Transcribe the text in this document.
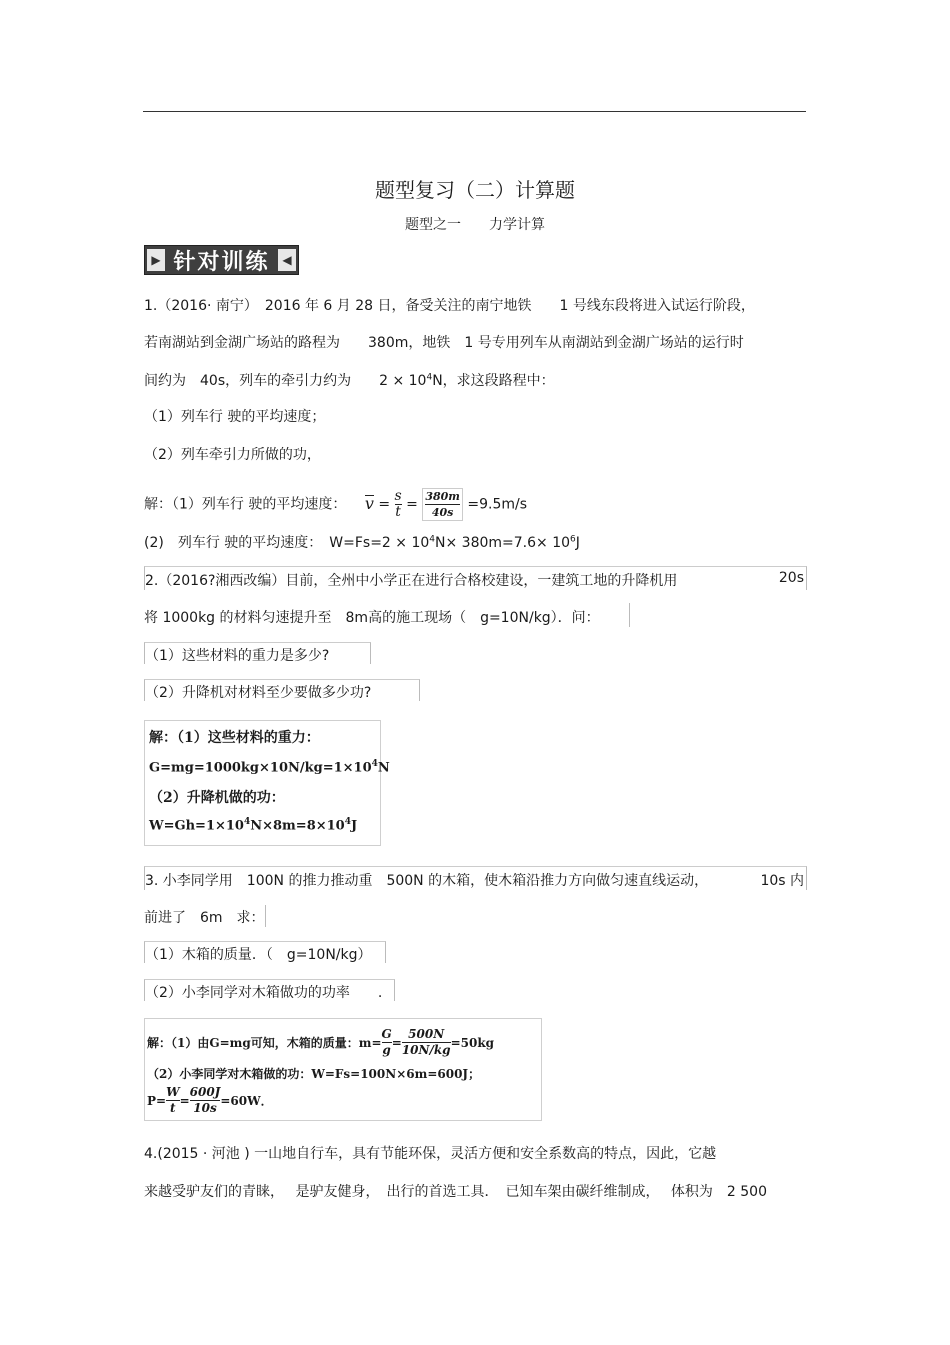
题型复习（二）计算题
题型之一　　力学计算
▶ 针对训练	◀
1.（2016· 南宁）　2016 年 6 月 28 日，备受关注的南宁地铁　　1 号线东段将进入试运行阶段，
若南湖站到金湖广场站的路程为　　380m，地铁　1 号专用列车从南湖站到金湖广场站的运行时
间约为　40s，列车的牵引力约为　　$2 \times 10^4N$，求这段路程中：
（1）列车行 驶的平均速度；
（2）列车牵引力所做的功，
解：（1）列车行 驶的平均速度： $v = \frac{s}{t} = \frac{380m}{40s} =9.5m/s$
(2)　列车行 驶的平均速度：　$W=Fs=2 \times 10^4N\times 380m=7.6\times 10^6J$
2.（2016?湘西改编）目前，全州中小学正在进行合格校建设，一建筑工地的升降机用	20s
将 1000kg 的材料匀速提升至　8m高的施工现场（　g=10N/kg）．问：
（1）这些材料的重力是多少?
（2）升降机对材料至少要做多少功?
解：（1）这些材料的重力：
$G=mg=1000kg\times 10N/kg=1\times 10^4N$
（2）升降机做的功：
$W=Gh=1\times 10^4N\times 8m=8\times 10^4J$
3. 小李同学用　100N 的推力推动重　500N 的木箱，使木箱沿推力方向做匀速直线运动，	10s 内
前进了　6m　求：
（1）木箱的质量．（　g=10N/kg）
（2）小李同学对木箱做功的功率　　.
解：（1）由G=mg可知，木箱的质量：$m= \frac{G}{g} = \frac{500N}{10N/kg} =50kg$
（2）小李同学对木箱做的功：W=Fs=100N×6m=600J；
$P= \frac{W}{t} = \frac{600J}{10s} =60W$．
4.(2015 · 河池 ) 一山地自行车，具有节能环保，灵活方便和安全系数高的特点，因此，它越
来越受驴友们的青睐，　 是驴友健身，　出行的首选工具．　已知车架由碳纤维制成，　 体积为　2 500
